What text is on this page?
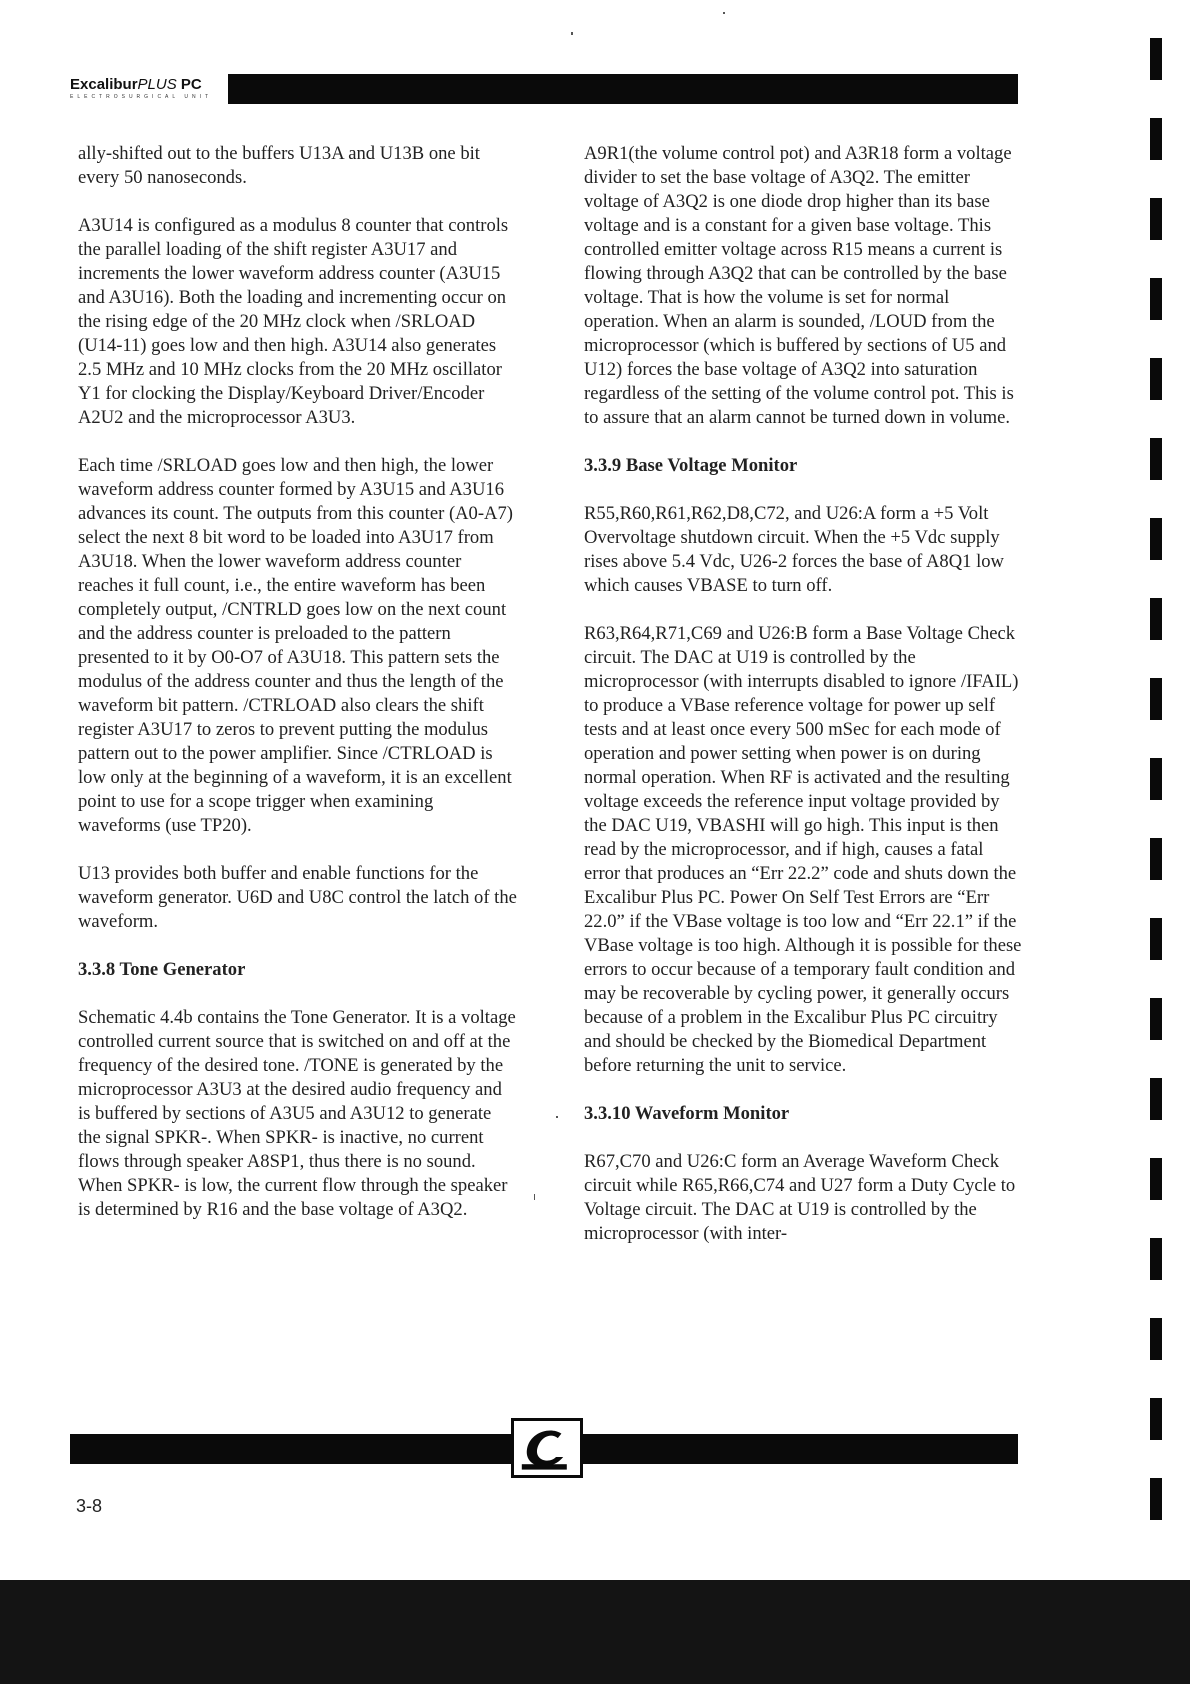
ExcaliburPLUS PC
ELECTROSURGICAL UNIT

ally-shifted out to the buffers U13A and U13B one bit every 50 nanoseconds.

A3U14 is configured as a modulus 8 counter that controls the parallel loading of the shift register A3U17 and increments the lower waveform address counter (A3U15 and A3U16). Both the loading and incrementing occur on the rising edge of the 20 MHz clock when /SRLOAD (U14-11) goes low and then high. A3U14 also generates 2.5 MHz and 10 MHz clocks from the 20 MHz oscillator Y1 for clocking the Display/Keyboard Driver/Encoder A2U2 and the microprocessor A3U3.

Each time /SRLOAD goes low and then high, the lower waveform address counter formed by A3U15 and A3U16 advances its count. The outputs from this counter (A0-A7) select the next 8 bit word to be loaded into A3U17 from A3U18. When the lower waveform address counter reaches it full count, i.e., the entire waveform has been completely output, /CNTRLD goes low on the next count and the address counter is preloaded to the pattern presented to it by O0-O7 of A3U18. This pattern sets the modulus of the address counter and thus the length of the waveform bit pattern. /CTRLOAD also clears the shift register A3U17 to zeros to prevent putting the modulus pattern out to the power amplifier. Since /CTRLOAD is low only at the beginning of a waveform, it is an excellent point to use for a scope trigger when examining waveforms (use TP20).

U13 provides both buffer and enable functions for the waveform generator. U6D and U8C control the latch of the waveform.

3.3.8 Tone Generator

Schematic 4.4b contains the Tone Generator. It is a voltage controlled current source that is switched on and off at the frequency of the desired tone. /TONE is generated by the microprocessor A3U3 at the desired audio frequency and is buffered by sections of A3U5 and A3U12 to generate the signal SPKR-. When SPKR- is inactive, no current flows through speaker A8SP1, thus there is no sound. When SPKR- is low, the current flow through the speaker is determined by R16 and the base voltage of A3Q2.

A9R1(the volume control pot) and A3R18 form a voltage divider to set the base voltage of A3Q2. The emitter voltage of A3Q2 is one diode drop higher than its base voltage and is a constant for a given base voltage. This controlled emitter voltage across R15 means a current is flowing through A3Q2 that can be controlled by the base voltage. That is how the volume is set for normal operation. When an alarm is sounded, /LOUD from the microprocessor (which is buffered by sections of U5 and U12) forces the base voltage of A3Q2 into saturation regardless of the setting of the volume control pot. This is to assure that an alarm cannot be turned down in volume.

3.3.9 Base Voltage Monitor

R55,R60,R61,R62,D8,C72, and U26:A form a +5 Volt Overvoltage shutdown circuit. When the +5 Vdc supply rises above 5.4 Vdc, U26-2 forces the base of A8Q1 low which causes VBASE to turn off.

R63,R64,R71,C69 and U26:B form a Base Voltage Check circuit. The DAC at U19 is controlled by the microprocessor (with interrupts disabled to ignore /IFAIL) to produce a VBase reference voltage for power up self tests and at least once every 500 mSec for each mode of operation and power setting when power is on during normal operation. When RF is activated and the resulting voltage exceeds the reference input voltage provided by the DAC U19, VBASHI will go high. This input is then read by the microprocessor, and if high, causes a fatal error that produces an “Err 22.2” code and shuts down the Excalibur Plus PC. Power On Self Test Errors are “Err 22.0” if the VBase voltage is too low and “Err 22.1” if the VBase voltage is too high. Although it is possible for these errors to occur because of a temporary fault condition and may be recoverable by cycling power, it generally occurs because of a problem in the Excalibur Plus PC circuitry and should be checked by the Biomedical Department before returning the unit to service.

3.3.10 Waveform Monitor

R67,C70 and U26:C form an Average Waveform Check circuit while R65,R66,C74 and U27 form a Duty Cycle to Voltage circuit. The DAC at U19 is controlled by the microprocessor (with inter-

3-8
